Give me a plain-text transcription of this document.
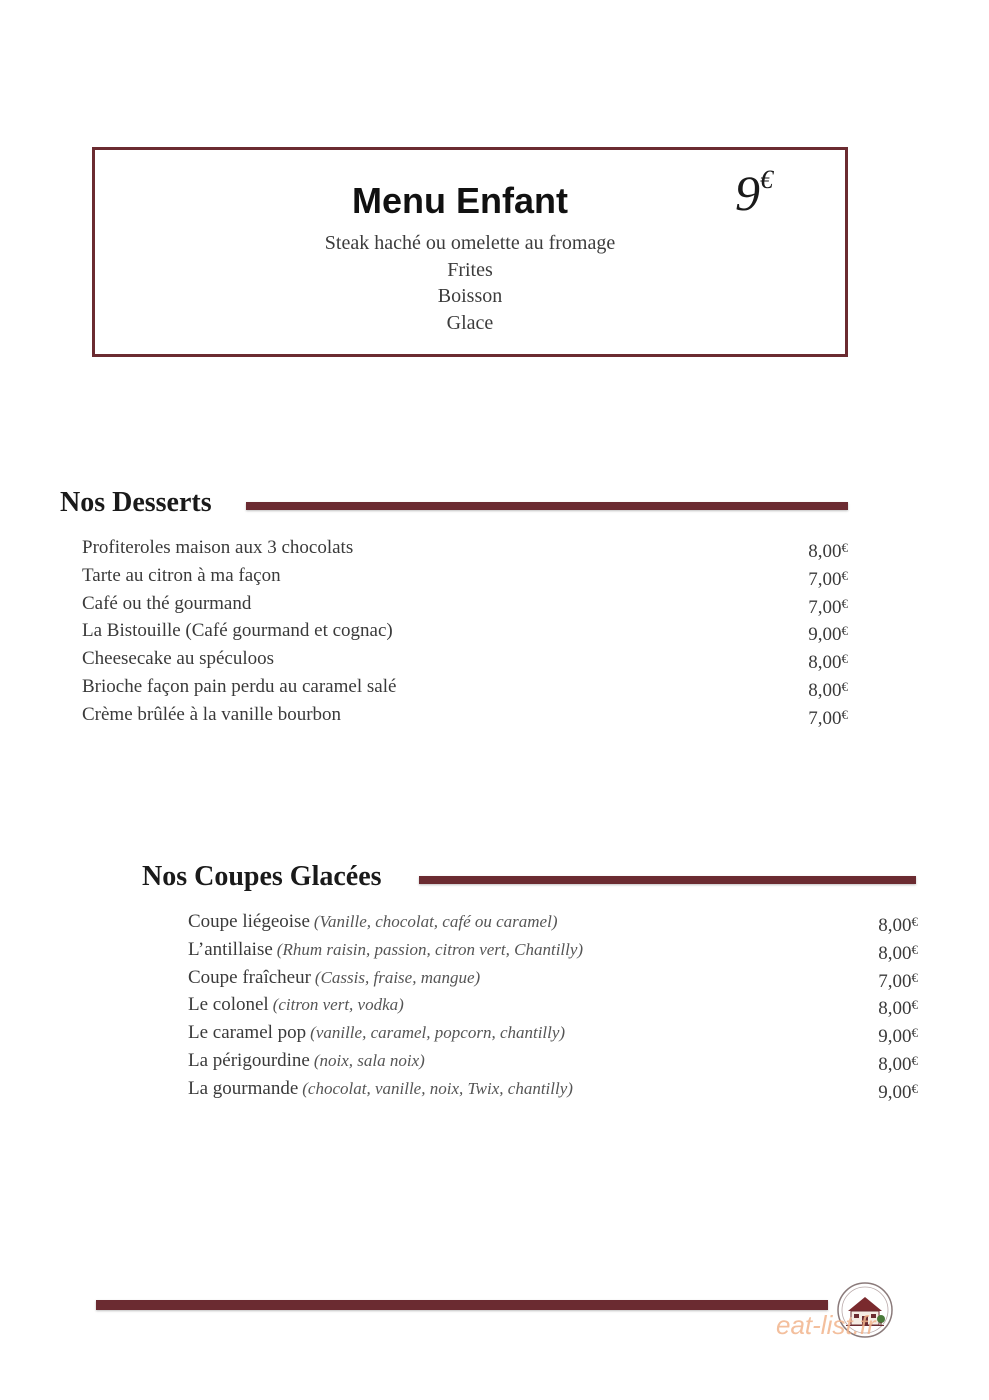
Menu Enfant	9€
Steak haché ou omelette au fromage
Frites
Boisson
Glace
Nos Desserts
Profiteroles maison aux 3 chocolats	8,00€
Tarte au citron à ma façon	7,00€
Café ou thé gourmand	7,00€
La Bistouille (Café gourmand et cognac)	9,00€
Cheesecake au spéculoos	8,00€
Brioche façon pain perdu au caramel salé	8,00€
Crème brûlée à la vanille bourbon	7,00€
Nos Coupes Glacées
Coupe liégeoise (Vanille, chocolat, café ou caramel)	8,00€
L’antillaise (Rhum raisin, passion, citron vert, Chantilly)	8,00€
Coupe fraîcheur (Cassis, fraise, mangue)	7,00€
Le colonel (citron vert, vodka)	8,00€
Le caramel pop (vanille, caramel, popcorn, chantilly)	9,00€
La périgourdine (noix, sala noix)	8,00€
La gourmande (chocolat, vanille, noix, Twix, chantilly)	9,00€
eat-list.fr
